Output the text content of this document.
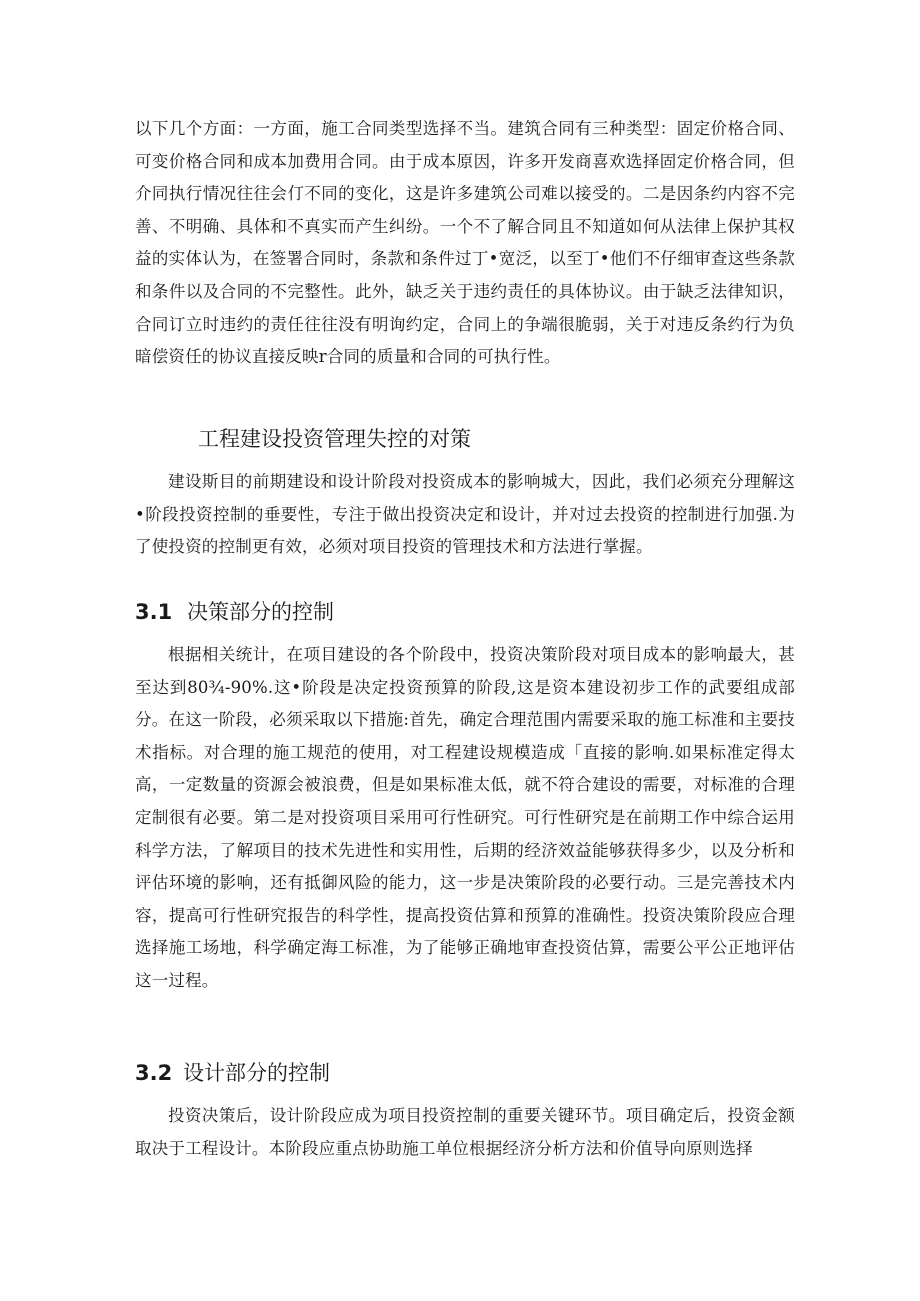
以下几个方面：一方面，施工合同类型选择不当。建筑合同有三种类型：固定价格合同、可变价格合同和成本加费用合同。由于成本原因，许多开发商喜欢选择固定价格合同，但介同执行情况往往会仃不同的变化，这是许多建筑公司难以接受的。二是因条约内容不完善、不明确、具体和不真实而产生纠纷。一个不了解合同且不知道如何从法律上保护其权益的实体认为，在签署合同时，条款和条件过丁•宽泛，以至丁•他们不仔细审查这些条款和条件以及合同的不完整性。此外，缺乏关于违约责任的具体协议。由于缺乏法律知识，合同订立时违约的责任往往没有明询约定，合同上的争端很脆弱，关于对违反条约行为负暗偿资任的协议直接反映r合同的质量和合同的可执行性。

工程建设投资管理失控的对策

建设斯目的前期建设和设计阶段对投资成本的影响城大，因此，我们必须充分理解这•阶段投资控制的垂要性，专注于做出投资决定和设计，并对过去投资的控制进行加强.为了使投资的控制更有效，必须对项目投资的管理技术和方法进行掌握。

3.1 决策部分的控制

根据相关统计，在项目建设的各个阶段中，投资决策阶段对项目成本的影响最大，甚至达到80¾-90%.这•阶段是决定投资预算的阶段,这是资本建设初步工作的武要组成部分。在这一阶段，必须采取以下措施:首先，确定合理范围内需要采取的施工标准和主要技术指标。对合理的施工规范的使用，对工程建设规模造成「直接的影响.如果标准定得太高，一定数量的资源会被浪费，但是如果标准太低，就不符合建设的需要，对标准的合理定制很有必要。第二是对投资项目采用可行性研究。可行性研究是在前期工作中综合运用科学方法，了解项目的技术先进性和实用性，后期的经济效益能够获得多少，以及分析和评估环境的影响，还有抵御风险的能力，这一步是决策阶段的必要行动。三是完善技术内容，提高可行性研究报告的科学性，提高投资估算和预算的准确性。投资决策阶段应合理选择施工场地，科学确定海工标准，为了能够正确地审查投资估算，需要公平公正地评估这一过程。

3.2 设计部分的控制

投资决策后，设计阶段应成为项目投资控制的重要关键环节。项目确定后，投资金额取决于工程设计。本阶段应重点协助施工单位根据经济分析方法和价值导向原则选择
